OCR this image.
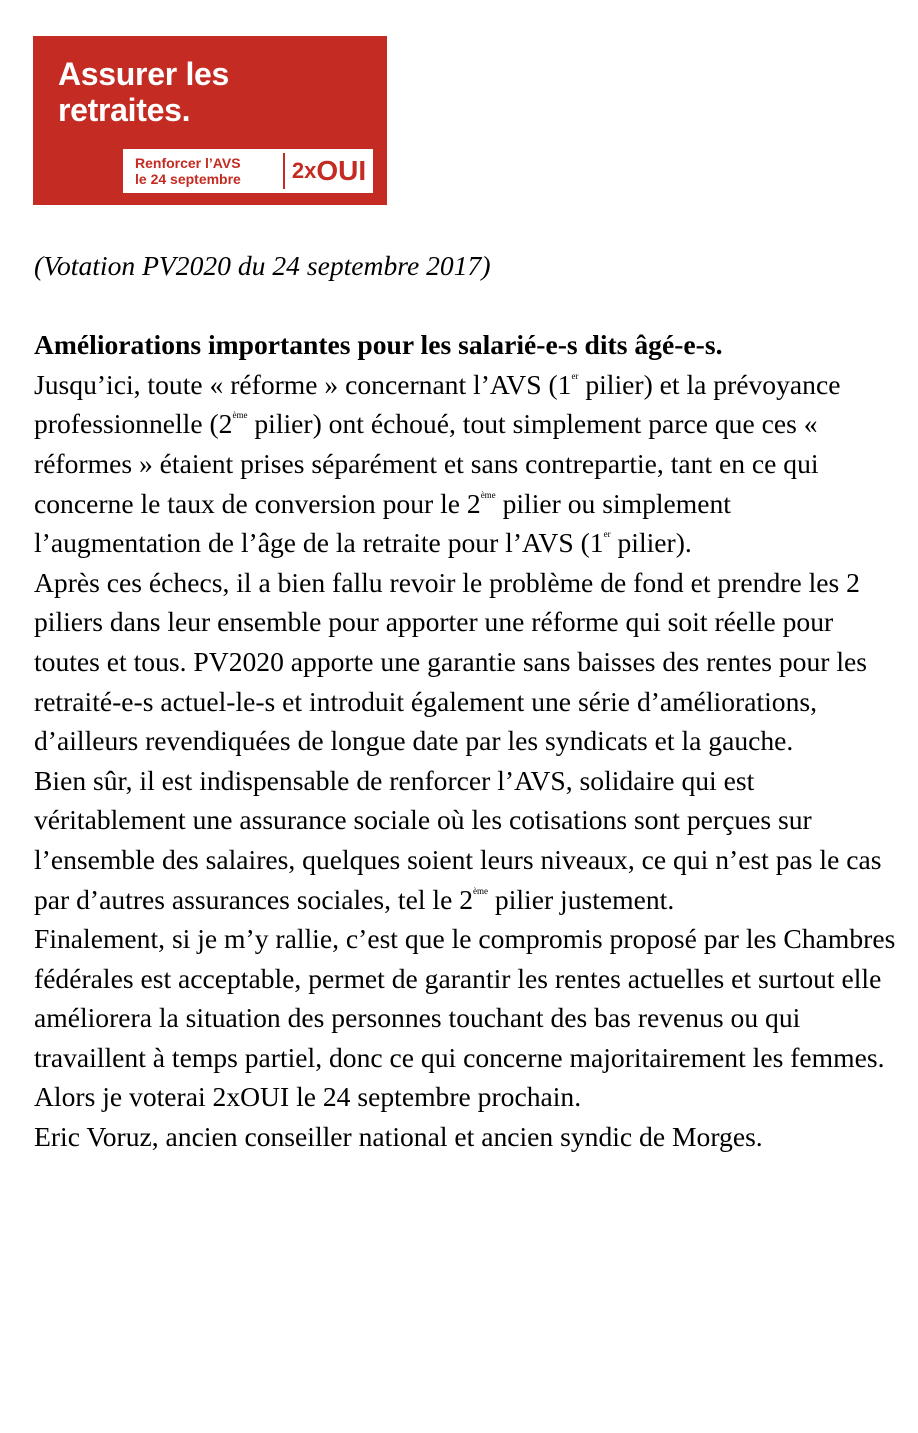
Assurer les
retraites.
Renforcer l’AVS
le 24 septembre	2x OUI

(Votation PV2020 du 24 septembre 2017)

Améliorations importantes pour les salarié-e-s dits âgé-e-s.

Jusqu’ici, toute « réforme » concernant l’AVS (1er pilier) et la prévoyance professionnelle (2ème pilier) ont échoué, tout simplement parce que ces « réformes » étaient prises séparément et sans contrepartie, tant en ce qui concerne le taux de conversion pour le 2ème pilier ou simplement l’augmentation de l’âge de la retraite pour l’AVS (1er pilier).

Après ces échecs, il a bien fallu revoir le problème de fond et prendre les 2 piliers dans leur ensemble pour apporter une réforme qui soit réelle pour toutes et tous. PV2020 apporte une garantie sans baisses des rentes pour les retraité-e-s actuel-le-s et introduit également une série d’améliorations, d’ailleurs revendiquées de longue date par les syndicats et la gauche.

Bien sûr, il est indispensable de renforcer l’AVS, solidaire qui est véritablement une assurance sociale où les cotisations sont perçues sur l’ensemble des salaires, quelques soient leurs niveaux, ce qui n’est pas le cas par d’autres assurances sociales, tel le 2ème pilier justement.

Finalement, si je m’y rallie, c’est que le compromis proposé par les Chambres fédérales est acceptable, permet de garantir les rentes actuelles et surtout elle améliorera la situation des personnes touchant des bas revenus ou qui travaillent à temps partiel, donc ce qui concerne majoritairement les femmes.

Alors je voterai 2xOUI le 24 septembre prochain.

Eric Voruz, ancien conseiller national et ancien syndic de Morges.
